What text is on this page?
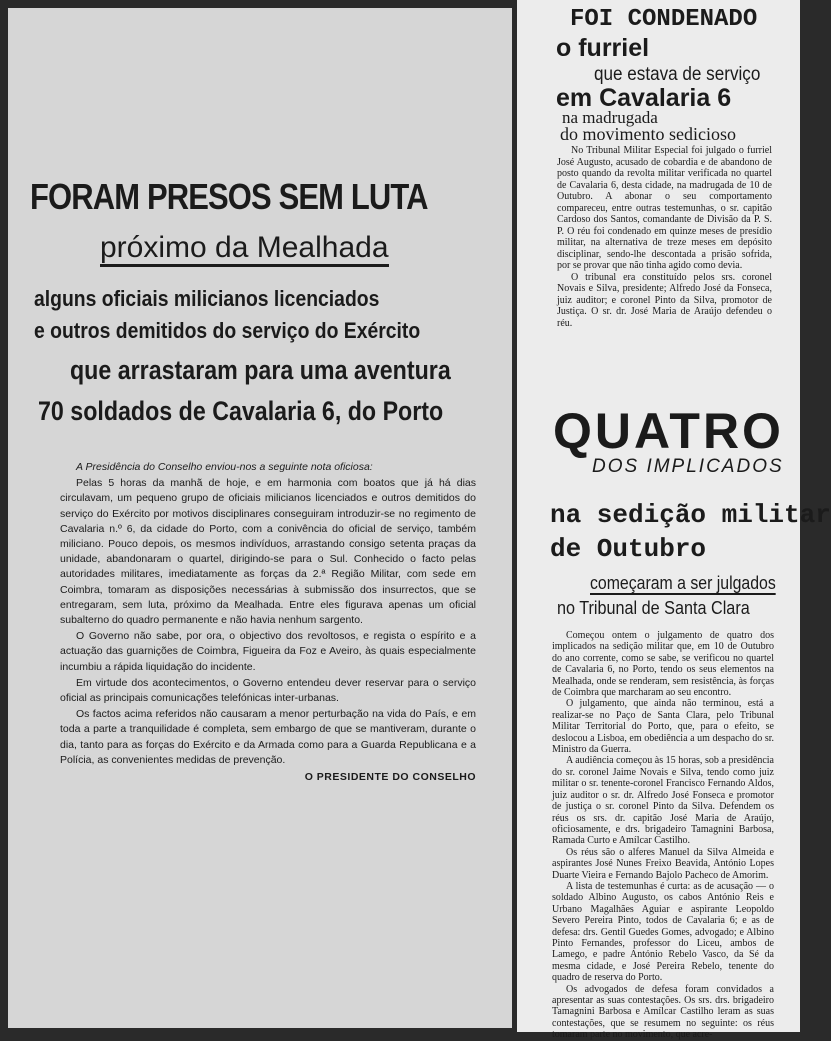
FORAM PRESOS SEM LUTA
próximo da Mealhada
alguns oficiais milicianos licenciados
e outros demitidos do serviço do Exército
que arrastaram para uma aventura
70 soldados de Cavalaria 6, do Porto

A Presidência do Conselho enviou-nos a seguinte nota oficiosa:

Pelas 5 horas da manhã de hoje, e em harmonia com boatos que já há dias circulavam, um pequeno grupo de oficiais milicianos licenciados e outros demitidos do serviço do Exército por motivos disciplinares conseguiram introduzir-se no regimento de Cavalaria n.º 6, da cidade do Porto, com a conivência do oficial de serviço, também miliciano. Pouco depois, os mesmos indivíduos, arrastando consigo setenta praças da unidade, abandonaram o quartel, dirigindo-se para o Sul. Conhecido o facto pelas autoridades militares, imediatamente as forças da 2.ª Região Militar, com sede em Coimbra, tomaram as disposições necessárias à submissão dos insurrectos, que se entregaram, sem luta, próximo da Mealhada. Entre eles figurava apenas um oficial subalterno do quadro permanente e não havia nenhum sargento.

O Governo não sabe, por ora, o objectivo dos revoltosos, e regista o espírito e a actuação das guarnições de Coimbra, Figueira da Foz e Aveiro, às quais especialmente incumbiu a rápida liquidação do incidente.

Em virtude dos acontecimentos, o Governo entendeu dever reservar para o serviço oficial as principais comunicações telefónicas inter-urbanas.

Os factos acima referidos não causaram a menor perturbação na vida do País, e em toda a parte a tranquilidade é completa, sem embargo de que se mantiveram, durante o dia, tanto para as forças do Exército e da Armada como para a Guarda Republicana e a Polícia, as convenientes medidas de prevenção.

O PRESIDENTE DO CONSELHO

FOI CONDENADO
o furriel
que estava de serviço
em Cavalaria 6
na madrugada
do movimento sedicioso

No Tribunal Militar Especial foi julgado o furriel José Augusto, acusado de cobardia e de abandono de posto quando da revolta militar verificada no quartel de Cavalaria 6, desta cidade, na madrugada de 10 de Outubro. A abonar o seu comportamento compareceu, entre outras testemunhas, o sr. capitão Cardoso dos Santos, comandante de Divisão da P. S. P. O réu foi condenado em quinze meses de presídio militar, na alternativa de treze meses em depósito disciplinar, sendo-lhe descontada a prisão sofrida, por se provar que não tinha agido como devia.

O tribunal era constituído pelos srs. coronel Novais e Silva, presidente; Alfredo José da Fonseca, juiz auditor; e coronel Pinto da Silva, promotor de Justiça. O sr. dr. José Maria de Araújo defendeu o réu.

QUATRO
DOS IMPLICADOS
na sedição militar
de Outubro
começaram a ser julgados
no Tribunal de Santa Clara

Começou ontem o julgamento de quatro dos implicados na sedição militar que, em 10 de Outubro do ano corrente, como se sabe, se verificou no quartel de Cavalaria 6, no Porto, tendo os seus elementos na Mealhada, onde se renderam, sem resistência, às forças de Coimbra que marcharam ao seu encontro.

O julgamento, que ainda não terminou, está a realizar-se no Paço de Santa Clara, pelo Tribunal Militar Territorial do Porto, que, para o efeito, se deslocou a Lisboa, em obediência a um despacho do sr. Ministro da Guerra.

A audiência começou às 15 horas, sob a presidência do sr. coronel Jaime Novais e Silva, tendo como juiz militar o sr. tenente-coronel Francisco Fernando Aldos, juiz auditor o sr. dr. Alfredo José Fonseca e promotor de justiça o sr. coronel Pinto da Silva. Defendem os réus os srs. dr. capitão José Maria de Araújo, oficiosamente, e drs. brigadeiro Tamagnini Barbosa, Ramada Curto e Amílcar Castilho.

Os réus são o alferes Manuel da Silva Almeida e aspirantes José Nunes Freixo Beavida, António Lopes Duarte Vieira e Fernando Bajolo Pacheco de Amorim.

A lista de testemunhas é curta: as de acusação — o soldado Albino Augusto, os cabos António Reis e Urbano Magalhães Aguiar e aspirante Leopoldo Severo Pereira Pinto, todos de Cavalaria 6; e as de defesa: drs. Gentil Guedes Gomes, advogado; e Albino Pinto Fernandes, professor do Liceu, ambos de Lamego, e padre António Rebelo Vasco, da Sé da mesma cidade, e José Pereira Rebelo, tenente do quadro de reserva do Porto.

Os advogados de defesa foram convidados a apresentar as suas contestações. Os srs. drs. brigadeiro Tamagnini Barbosa e Amílcar Castilho leram as suas contestações, que se resumem no seguinte: os réus tomaram parte no movimento, que acre-
